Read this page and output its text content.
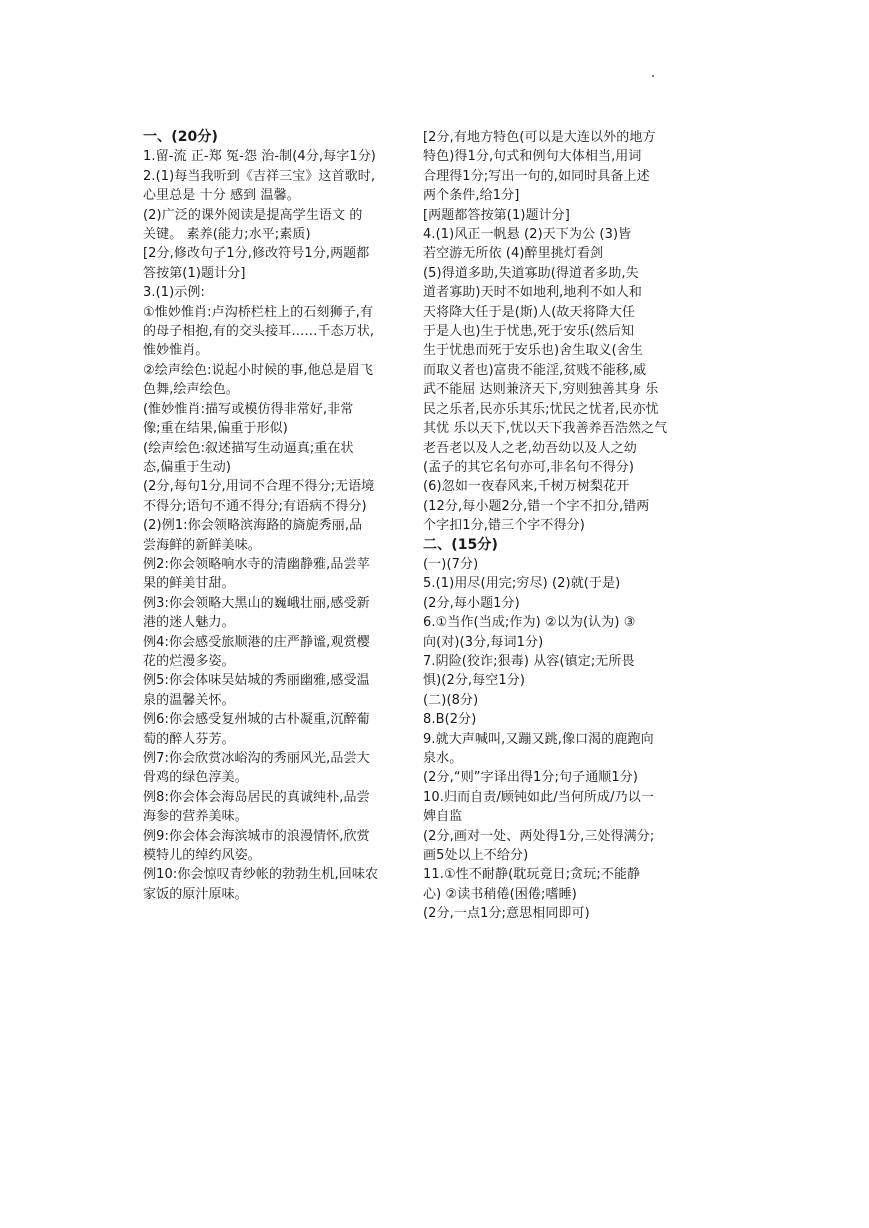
一、(20分)
1.留-流 正-郑 冤-怨 治-制(4分,每字1分)
2.(1)每当我听到《吉祥三宝》这首歌时,
心里总是 十分 感到 温馨。
(2)广泛的课外阅读是提高学生语文 的
关键。 素养(能力;水平;素质)
[2分,修改句子1分,修改符号1分,两题都
答按第(1)题计分]
3.(1)示例:
①惟妙惟肖:卢沟桥栏柱上的石刻狮子,有
的母子相抱,有的交头接耳……千态万状,
惟妙惟肖。
②绘声绘色:说起小时候的事,他总是眉飞
色舞,绘声绘色。
(惟妙惟肖:描写或模仿得非常好,非常
像;重在结果,偏重于形似)
(绘声绘色:叙述描写生动逼真;重在状
态,偏重于生动)
(2分,每句1分,用词不合理不得分;无语境
不得分;语句不通不得分;有语病不得分)
(2)例1:你会领略滨海路的旖旎秀丽,品
尝海鲜的新鲜美味。
例2:你会领略响水寺的清幽静雅,品尝苹
果的鲜美甘甜。
例3:你会领略大黑山的巍峨壮丽,感受新
港的迷人魅力。
例4:你会感受旅顺港的庄严静谧,观赏樱
花的烂漫多姿。
例5:你会体味吴姑城的秀丽幽雅,感受温
泉的温馨关怀。
例6:你会感受复州城的古朴凝重,沉醉葡
萄的醉人芬芳。
例7:你会欣赏冰峪沟的秀丽风光,品尝大
骨鸡的绿色淳美。
例8:你会体会海岛居民的真诚纯朴,品尝
海参的营养美味。
例9:你会体会海滨城市的浪漫情怀,欣赏
模特儿的绰约风姿。
例10:你会惊叹青纱帐的勃勃生机,回味农
家饭的原汁原味。
[2分,有地方特色(可以是大连以外的地方
特色)得1分,句式和例句大体相当,用词
合理得1分;写出一句的,如同时具备上述
两个条件,给1分]
[两题都答按第(1)题计分]
4.(1)风正一帆悬 (2)天下为公 (3)皆
若空游无所依 (4)醉里挑灯看剑
(5)得道多助,失道寡助(得道者多助,失
道者寡助)天时不如地利,地利不如人和
天将降大任于是(斯)人(故天将降大任
于是人也)生于忧患,死于安乐(然后知
生于忧患而死于安乐也)舍生取义(舍生
而取义者也)富贵不能淫,贫贱不能移,威
武不能屈 达则兼济天下,穷则独善其身 乐
民之乐者,民亦乐其乐;忧民之忧者,民亦忧
其忧 乐以天下,忧以天下我善养吾浩然之气
老吾老以及人之老,幼吾幼以及人之幼
(孟子的其它名句亦可,非名句不得分)
(6)忽如一夜春风来,千树万树梨花开
(12分,每小题2分,错一个字不扣分,错两
个字扣1分,错三个字不得分)
二、(15分)
(一)(7分)
5.(1)用尽(用完;穷尽) (2)就(于是)
(2分,每小题1分)
6.①当作(当成;作为) ②以为(认为) ③
向(对)(3分,每词1分)
7.阴险(狡诈;狠毒) 从容(镇定;无所畏
惧)(2分,每空1分)
(二)(8分)
8.B(2分)
9.就大声喊叫,又蹦又跳,像口渴的鹿跑向
泉水。
(2分,“则”字译出得1分;句子通顺1分)
10.归而自责/顾钝如此/当何所成/乃以一
婢自监
(2分,画对一处、两处得1分,三处得满分;
画5处以上不给分)
11.①性不耐静(耽玩竟日;贪玩;不能静
心) ②读书稍倦(困倦;嗜睡)
(2分,一点1分;意思相同即可)
